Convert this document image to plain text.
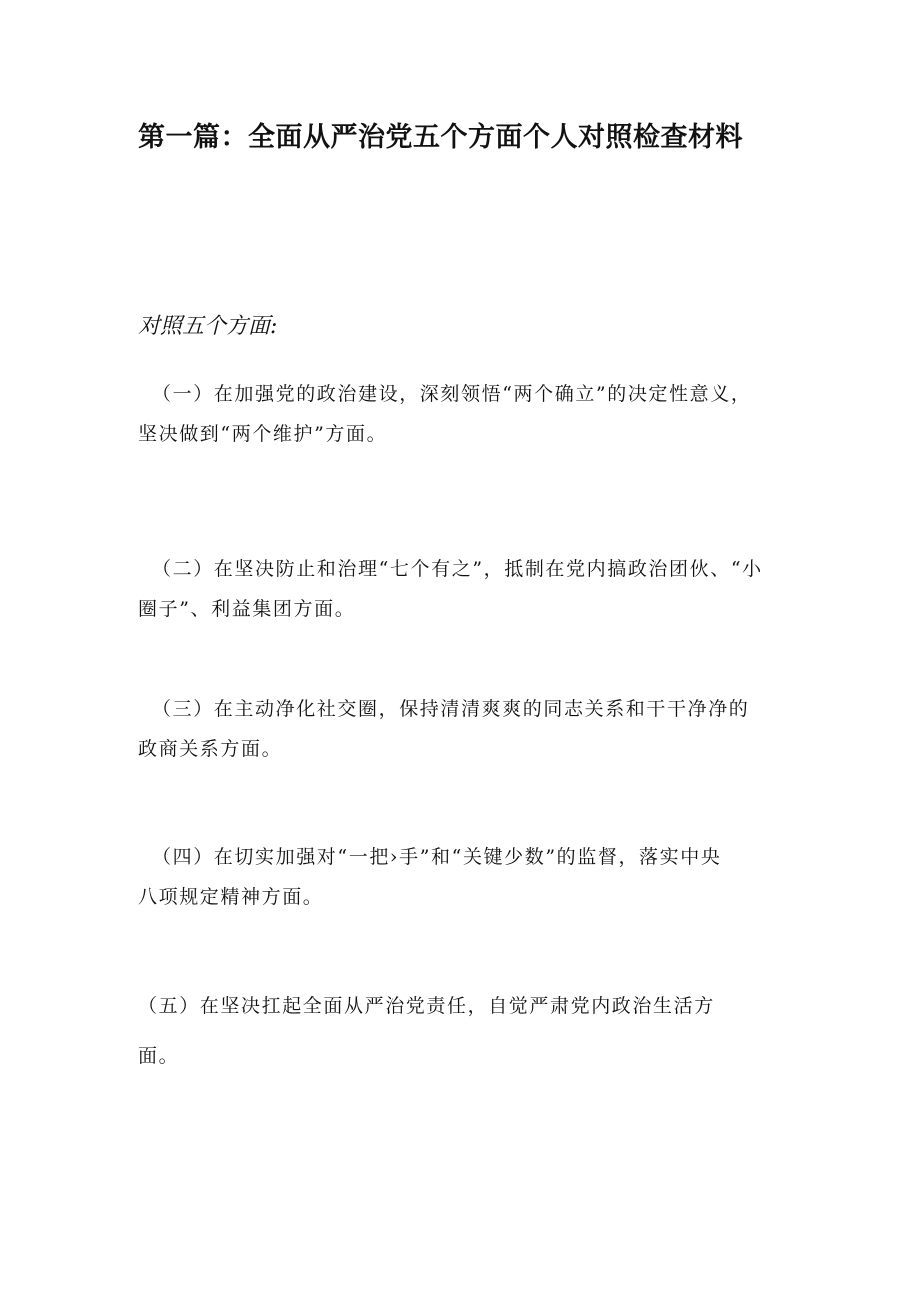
第一篇：全面从严治党五个方面个人对照检查材料
对照五个方面:
（一）在加强党的政治建设，深刻领悟“两个确立”的决定性意义，
坚决做到“两个维护”方面。
（二）在坚决防止和治理“七个有之”，抵制在党内搞政治团伙、“小
圈子”、利益集团方面。
（三）在主动净化社交圈，保持清清爽爽的同志关系和干干净净的
政商关系方面。
（四）在切实加强对“一把›手”和“关键少数”的监督，落实中央
八项规定精神方面。
（五）在坚决扛起全面从严治党责任，自觉严肃党内政治生活方
面。
